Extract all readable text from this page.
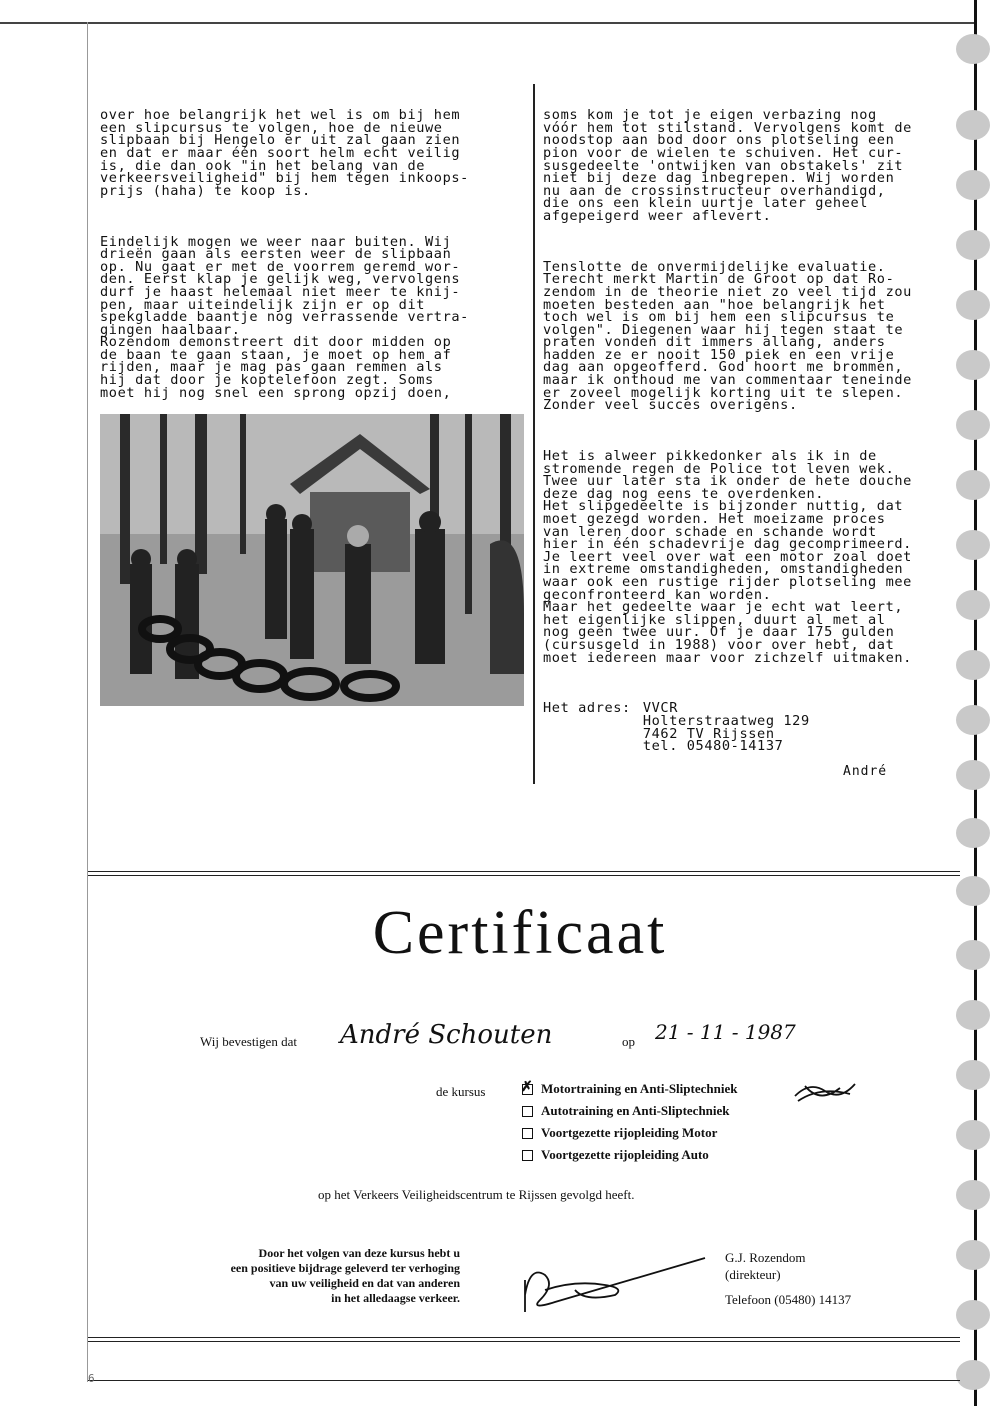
over hoe belangrijk het wel is om bij hem
een slipcursus te volgen, hoe de nieuwe
slipbaan bij Hengelo er uit zal gaan zien
en dat er maar één soort helm echt veilig
is, die dan ook "in het belang van de
verkeersveiligheid" bij hem tegen inkoops-
prijs (haha) te koop is.

Eindelijk mogen we weer naar buiten. Wij
drieën gaan als eersten weer de slipbaan
op. Nu gaat er met de voorrem geremd wor-
den. Eerst klap je gelijk weg, vervolgens
durf je haast helemaal niet meer te knij-
pen, maar uiteindelijk zijn er op dit
spekgladde baantje nog verrassende vertra-
gingen haalbaar.
Rozendom demonstreert dit door midden op
de baan te gaan staan, je moet op hem af
rijden, maar je mag pas gaan remmen als
hij dat door je koptelefoon zegt. Soms
moet hij nog snel een sprong opzij doen,

soms kom je tot je eigen verbazing nog
vóór hem tot stilstand. Vervolgens komt de
noodstop aan bod door ons plotseling een
pion voor de wielen te schuiven. Het cur-
susgedeelte 'ontwijken van obstakels' zit
niet bij deze dag inbegrepen. Wij worden
nu aan de crossinstructeur overhandigd,
die ons een klein uurtje later geheel
afgepeigerd weer aflevert.

Tenslotte de onvermijdelijke evaluatie.
Terecht merkt Martin de Groot op dat Ro-
zendom in de theorie niet zo veel tijd zou
moeten besteden aan "hoe belangrijk het
toch wel is om bij hem een slipcursus te
volgen". Diegenen waar hij tegen staat te
praten vonden dit immers allang, anders
hadden ze er nooit 150 piek en een vrije
dag aan opgeofferd. God hoort me brommen,
maar ik onthoud me van commentaar teneinde
er zoveel mogelijk korting uit te slepen.
Zonder veel succes overigens.

Het is alweer pikkedonker als ik in de
stromende regen de Police tot leven wek.
Twee uur later sta ik onder de hete douche
deze dag nog eens te overdenken.
Het slipgedeelte is bijzonder nuttig, dat
moet gezegd worden. Het moeizame proces
van leren door schade en schande wordt
hier in één schadevrije dag gecomprimeerd.
Je leert veel over wat een motor zoal doet
in extreme omstandigheden, omstandigheden
waar ook een rustige rijder plotseling mee
geconfronteerd kan worden.
Maar het gedeelte waar je echt wat leert,
het eigenlijke slippen, duurt al met al
nog geen twee uur. Of je daar 175 gulden
(cursusgeld in 1988) voor over hebt, dat
moet iedereen maar voor zichzelf uitmaken.

Het adres: VVCR
Holterstraatweg 129
7462 TV Rijssen
tel. 05480-14137

André
Certificaat
Wij bevestigen dat André Schouten	op 21 - 11 - 1987
de kursus	✗ Motortraining en Anti-Sliptechniek
Autotraining en Anti-Sliptechniek
Voortgezette rijopleiding Motor
Voortgezette rijopleiding Auto
op het Verkeers Veiligheidscentrum te Rijssen gevolgd heeft.
Door het volgen van deze kursus hebt u
een positieve bijdrage geleverd ter verhoging
van uw veiligheid en dat van anderen
in het alledaagse verkeer.
G.J. Rozendom
(direkteur)
Telefoon (05480) 14137
6
